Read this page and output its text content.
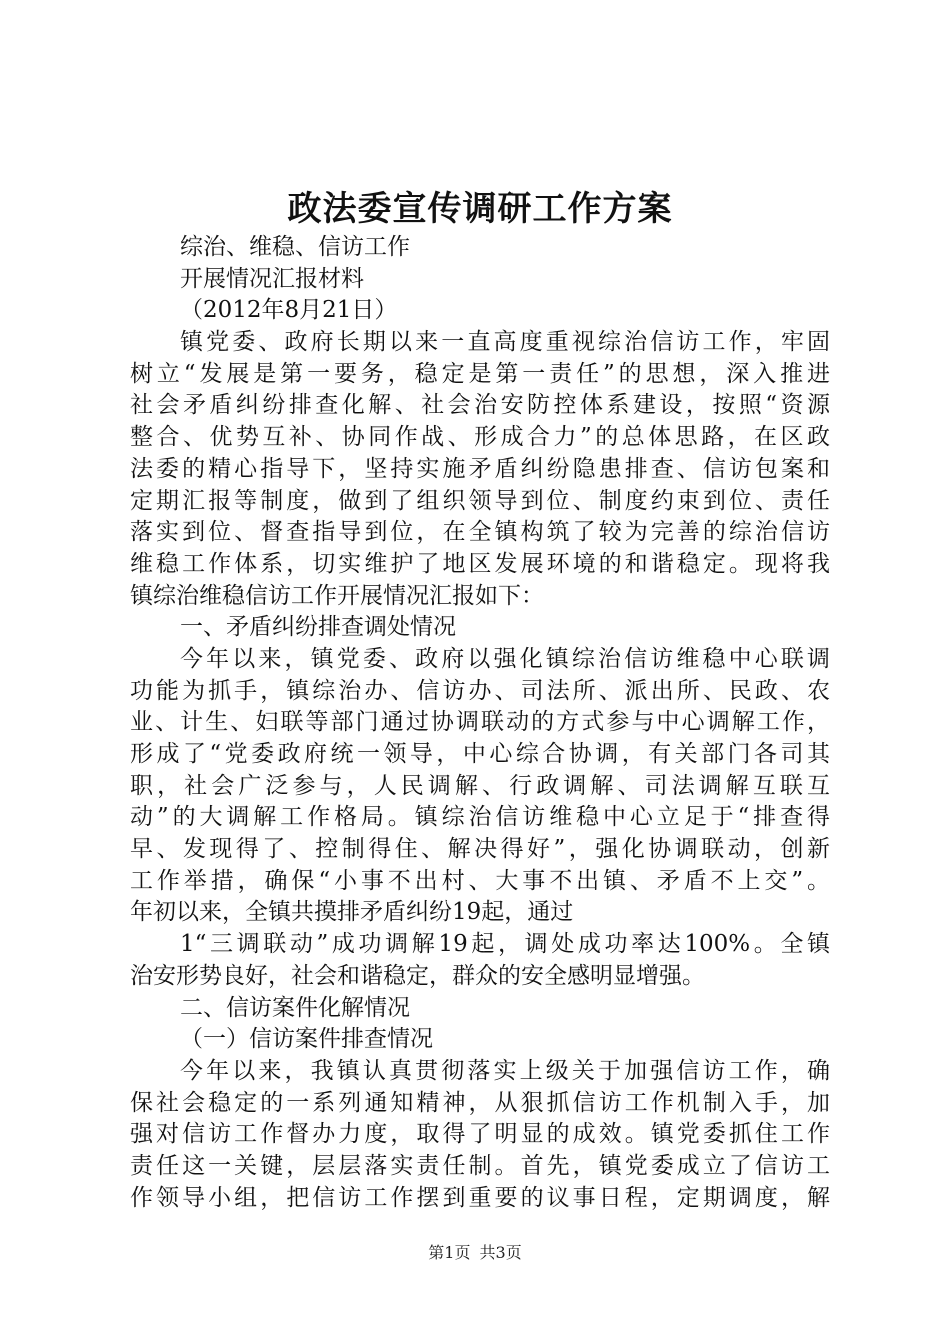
政法委宣传调研工作方案
综治、维稳、信访工作
开展情况汇报材料
（2012年8月21日）
镇党委、政府长期以来一直高度重视综治信访工作，牢固
树立“发展是第一要务，稳定是第一责任”的思想，深入推进
社会矛盾纠纷排查化解、社会治安防控体系建设，按照“资源
整合、优势互补、协同作战、形成合力”的总体思路，在区政
法委的精心指导下，坚持实施矛盾纠纷隐患排查、信访包案和
定期汇报等制度，做到了组织领导到位、制度约束到位、责任
落实到位、督查指导到位，在全镇构筑了较为完善的综治信访
维稳工作体系，切实维护了地区发展环境的和谐稳定。现将我
镇综治维稳信访工作开展情况汇报如下：
一、矛盾纠纷排查调处情况
今年以来，镇党委、政府以强化镇综治信访维稳中心联调
功能为抓手，镇综治办、信访办、司法所、派出所、民政、农
业、计生、妇联等部门通过协调联动的方式参与中心调解工作，
形成了“党委政府统一领导，中心综合协调，有关部门各司其
职，社会广泛参与，人民调解、行政调解、司法调解互联互
动”的大调解工作格局。镇综治信访维稳中心立足于“排查得
早、发现得了、控制得住、解决得好”，强化协调联动，创新
工作举措，确保“小事不出村、大事不出镇、矛盾不上交”。
年初以来，全镇共摸排矛盾纠纷19起，通过
1“三调联动”成功调解19起，调处成功率达100%。全镇
治安形势良好，社会和谐稳定，群众的安全感明显增强。
二、信访案件化解情况
（一）信访案件排查情况
今年以来，我镇认真贯彻落实上级关于加强信访工作，确
保社会稳定的一系列通知精神，从狠抓信访工作机制入手，加
强对信访工作督办力度，取得了明显的成效。镇党委抓住工作
责任这一关键，层层落实责任制。首先，镇党委成立了信访工
作领导小组，把信访工作摆到重要的议事日程，定期调度，解
第1页 共3页
